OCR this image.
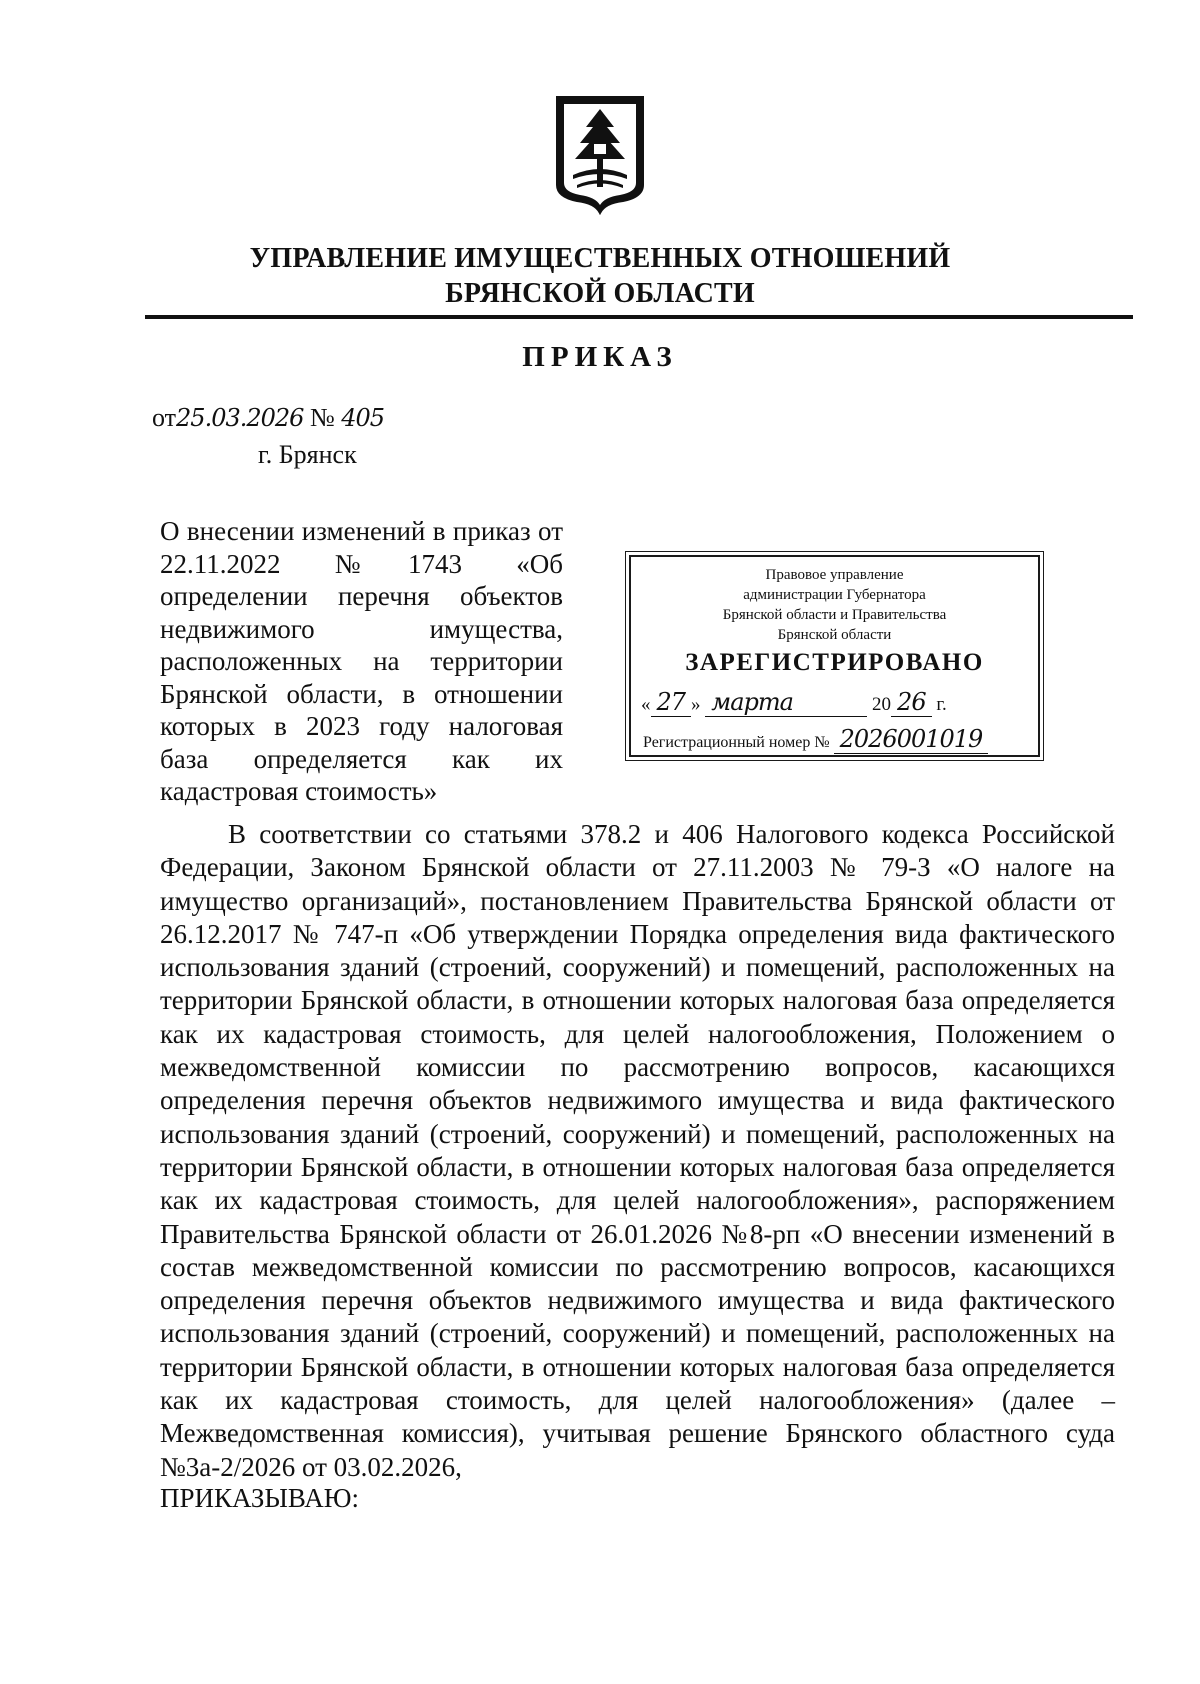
УПРАВЛЕНИЕ ИМУЩЕСТВЕННЫХ ОТНОШЕНИЙ
БРЯНСКОЙ ОБЛАСТИ
ПРИКАЗ
от25.03.2026 № 405
г. Брянск
О внесении изменений в приказ от 22.11.2022 №1743 «Об определении перечня объектов недвижимого имущества, расположенных на территории Брянской области, в отношении которых в 2023 году налоговая база определяется как их кадастровая стоимость»
Правовое управление
администрации Губернатора
Брянской области и Правительства
Брянской области
ЗАРЕГИСТРИРОВАНО
« 27 » марта	20 26 г.
Регистрационный номер № 2026001019
В соответствии со статьями 378.2 и 406 Налогового кодекса Российской Федерации, Законом Брянской области от 27.11.2003 № 79-З «О налоге на имущество организаций», постановлением Правительства Брянской области от 26.12.2017 № 747-п «Об утверждении Порядка определения вида фактического использования зданий (строений, сооружений) и помещений, расположенных на территории Брянской области, в отношении которых налоговая база определяется как их кадастровая стоимость, для целей налогообложения, Положением о межведомственной комиссии по рассмотрению вопросов, касающихся определения перечня объектов недвижимого имущества и вида фактического использования зданий (строений, сооружений) и помещений, расположенных на территории Брянской области, в отношении которых налоговая база определяется как их кадастровая стоимость, для целей налогообложения», распоряжением Правительства Брянской области от 26.01.2026 №8-рп «О внесении изменений в состав межведомственной комиссии по рассмотрению вопросов, касающихся определения перечня объектов недвижимого имущества и вида фактического использования зданий (строений, сооружений) и помещений, расположенных на территории Брянской области, в отношении которых налоговая база определяется как их кадастровая стоимость, для целей налогообложения» (далее – Межведомственная комиссия), учитывая решение Брянского областного суда №3а-2/2026 от 03.02.2026,
ПРИКАЗЫВАЮ:
